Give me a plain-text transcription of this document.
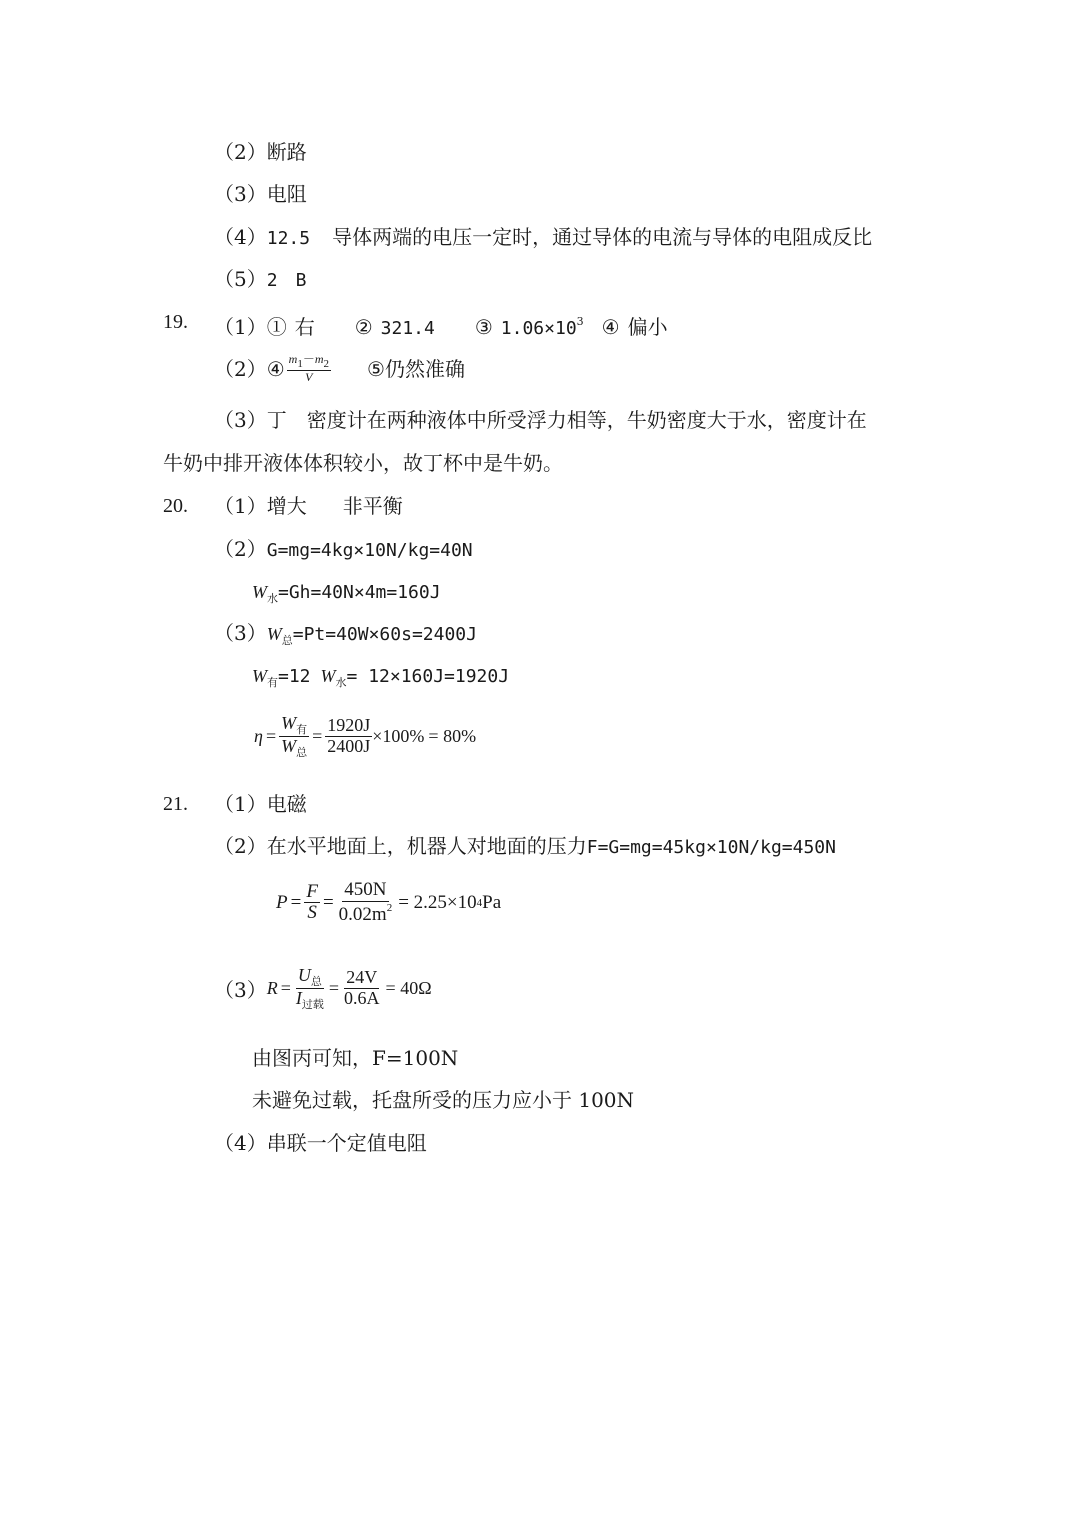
（2）断路
（3）电阻
（4）12.5 导体两端的电压一定时，通过导体的电流与导体的电阻成反比
（5）2 B
19. （1）① 右 ② 321.4 ③ $1.06\times 10^3$ ④ 偏小
（2） ④ $\frac{m1-m2}{V}$ ⑤ 仍然准确
（3）丁　密度计在两种液体中所受浮力相等，牛奶密度大于水，密度计在
牛奶中排开液体体积较小，故丁杯中是牛奶。
20. （1）增大 非平衡
（2）G=mg=4kg×10N/kg=40N
$W_水=Gh=40N\times 4m=160J$
$(3)W_总=Pt=40W\times 60s=2400J$
$W_有=12$ $W_水= 12\times 160J=1920J$
$\eta = \frac{W_有}{W_总} = \frac{1920J}{2400J} \times 100\% = 80\%$
21. （1）电磁
（2）在水平地面上，机器人对地面的压力F=G=mg=45kg×10N/kg=450N
$P = \frac{F}{S} = \frac{450N}{0.02m^2} = 2.25\times 10$ 4 Pa
（3） $R = \frac{U_总}{I_{过载}} = \frac{24V}{0.6A} = 40\Omega$
由图丙可知，F=100N
未避免过载，托盘所受的压力应小于 100N
（4）串联一个定值电阻
